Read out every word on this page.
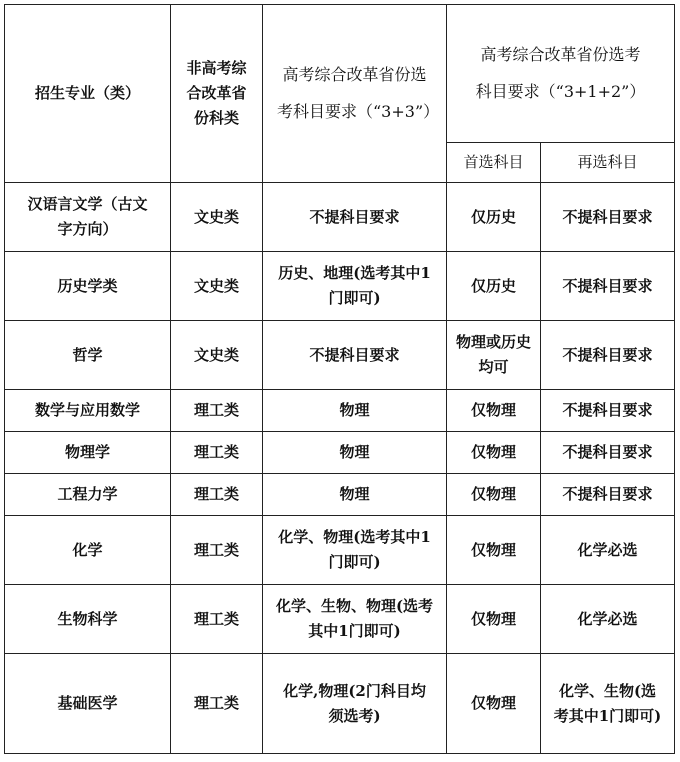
招生专业（类）	非高考综合改革省份科类	高考综合改革省份选考科目要求（“3+3”）	高考综合改革省份选考科目要求（“3+1+2”）	
			首选科目	再选科目
汉语言文学（古文字方向）	文史类	不提科目要求	仅历史	不提科目要求
历史学类	文史类	历史、地理(选考其中1门即可)	仅历史	不提科目要求
哲学	文史类	不提科目要求	物理或历史均可	不提科目要求
数学与应用数学	理工类	物理	仅物理	不提科目要求
物理学	理工类	物理	仅物理	不提科目要求
工程力学	理工类	物理	仅物理	不提科目要求
化学	理工类	化学、物理(选考其中1门即可)	仅物理	化学必选
生物科学	理工类	化学、生物、物理(选考其中1门即可)	仅物理	化学必选
基础医学	理工类	化学,物理(2门科目均须选考)	仅物理	化学、生物(选考其中1门即可)
